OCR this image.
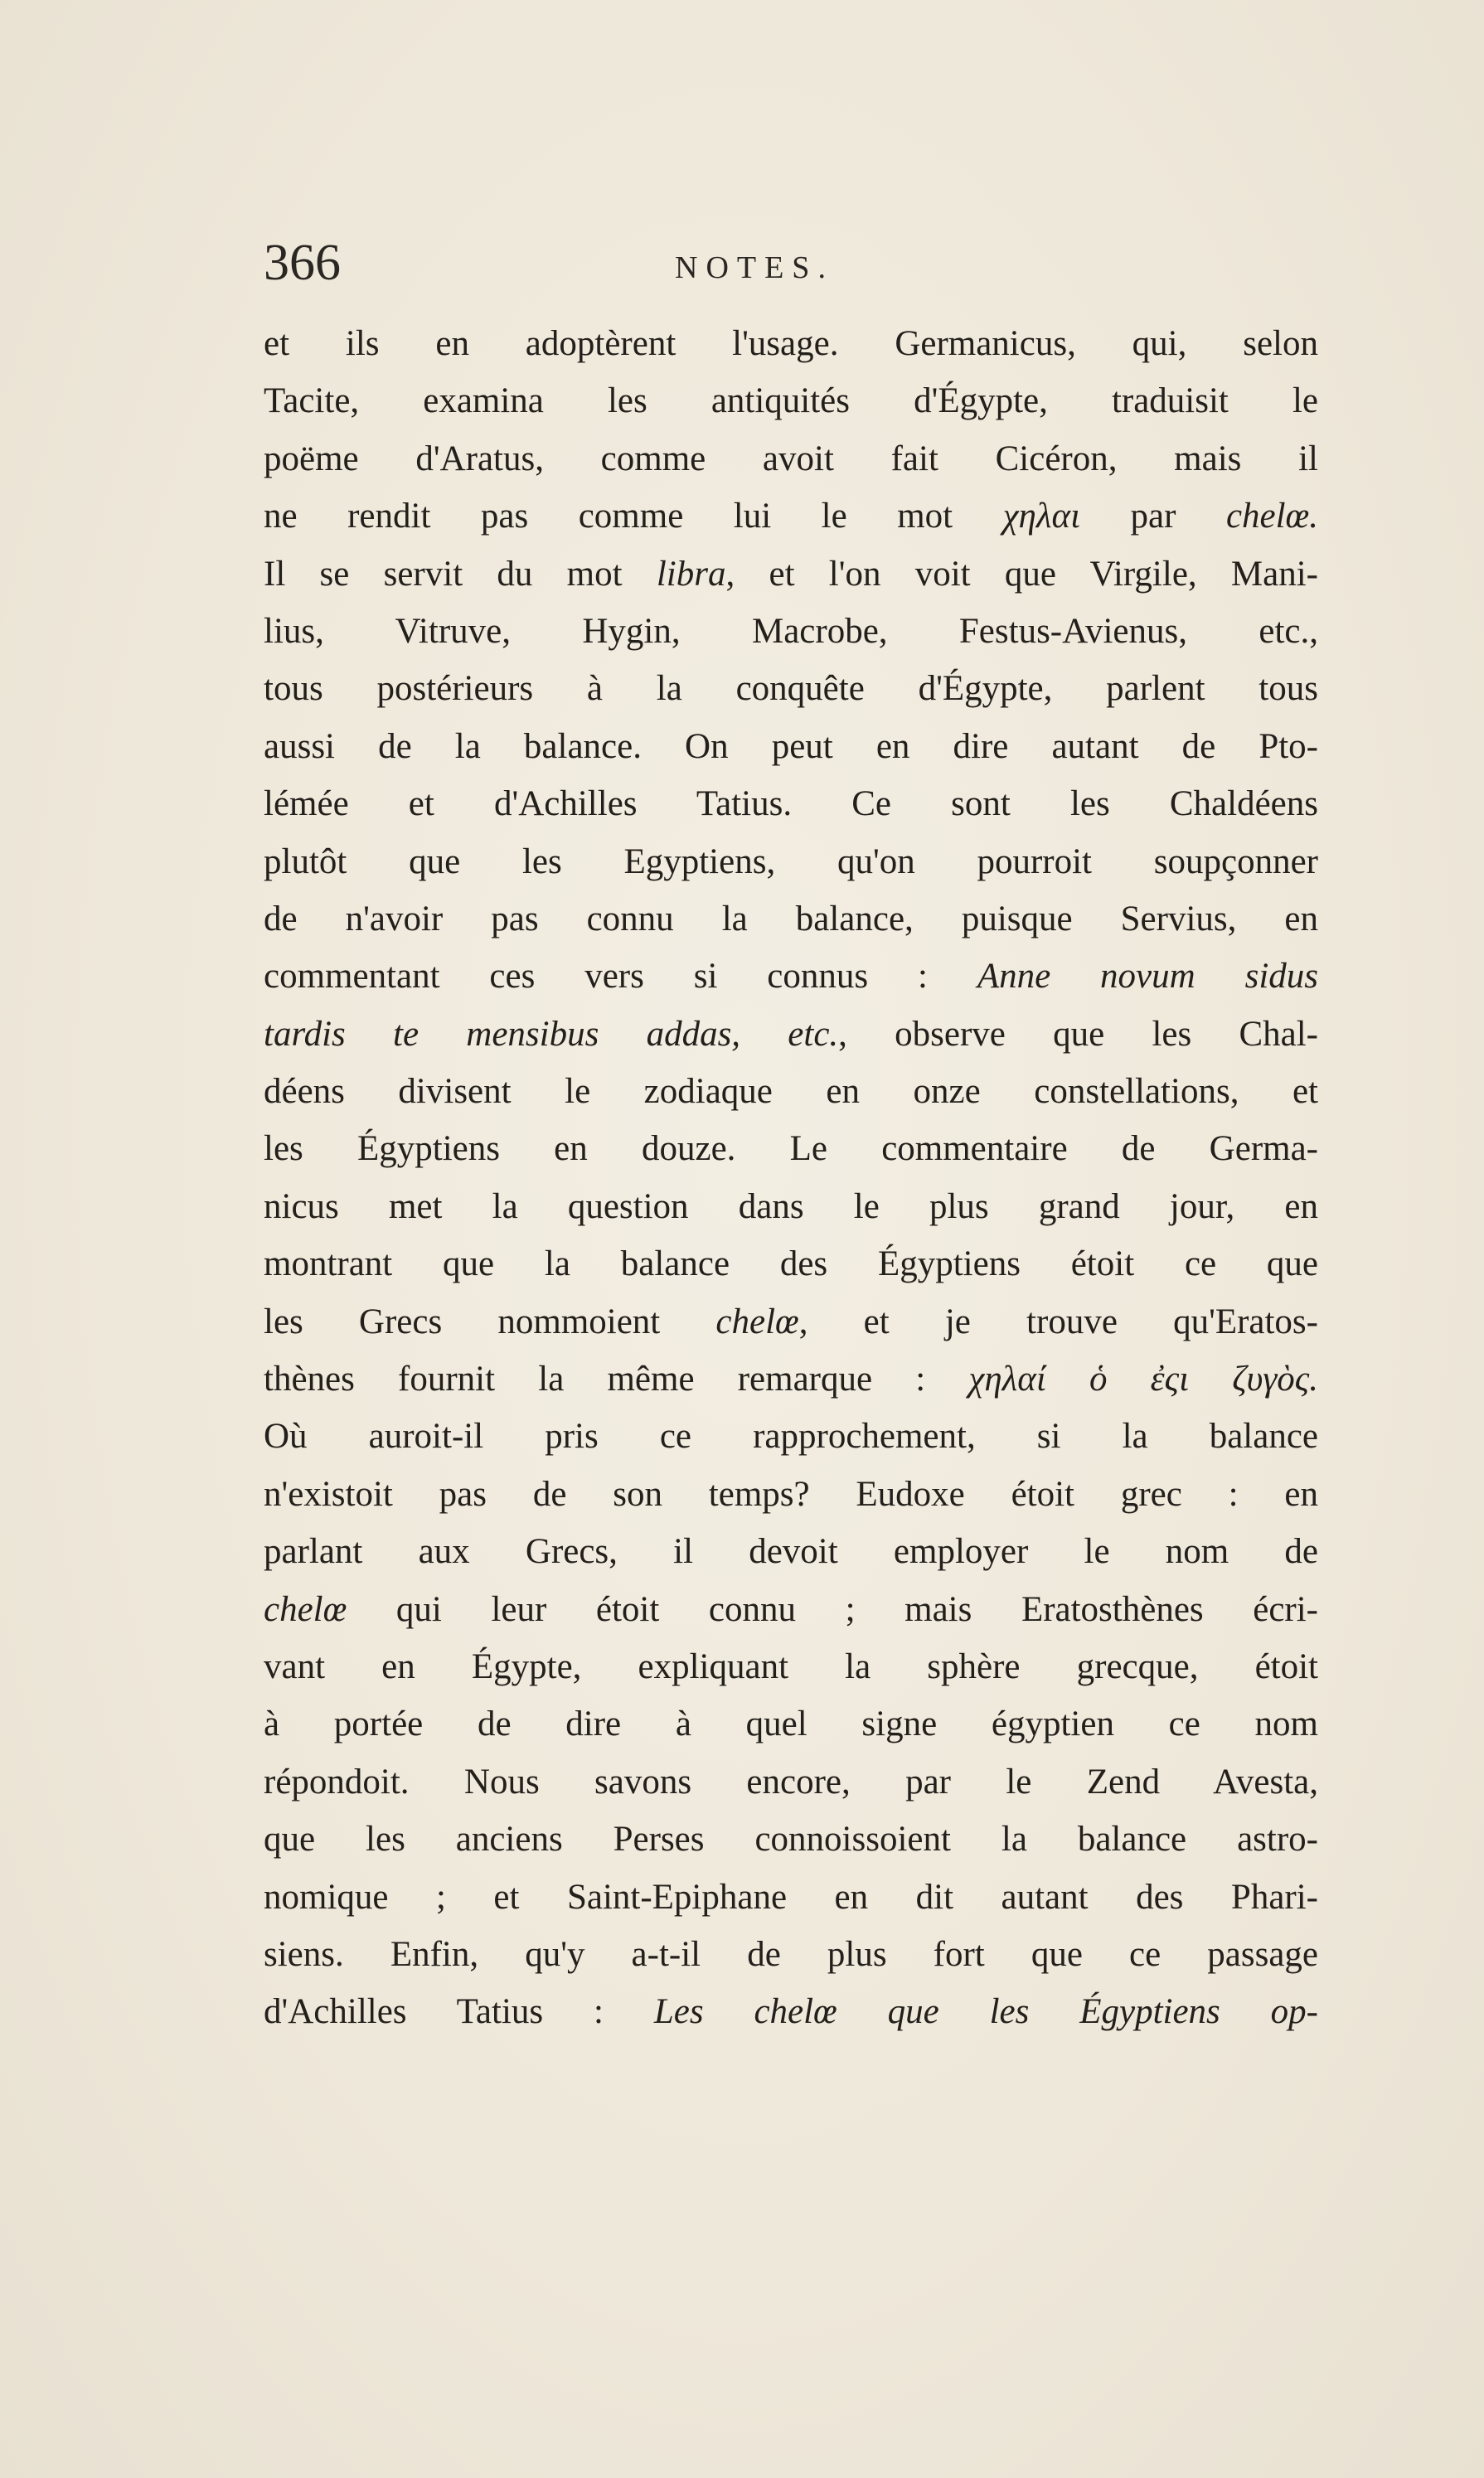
366	NOTES.
et ils en adoptèrent l'usage. Germanicus, qui, selon
Tacite, examina les antiquités d'Égypte, traduisit le
poëme d'Aratus, comme avoit fait Cicéron, mais il
ne rendit pas comme lui le mot χηλαι par chelœ.
Il se servit du mot libra, et l'on voit que Virgile, Mani-
lius, Vitruve, Hygin, Macrobe, Festus-Avienus, etc.,
tous postérieurs à la conquête d'Égypte, parlent tous
aussi de la balance. On peut en dire autant de Pto-
lémée et d'Achilles Tatius. Ce sont les Chaldéens
plutôt que les Egyptiens, qu'on pourroit soupçonner
de n'avoir pas connu la balance, puisque Servius, en
commentant ces vers si connus : Anne novum sidus
tardis te mensibus addas, etc., observe que les Chal-
déens divisent le zodiaque en onze constellations, et
les Égyptiens en douze. Le commentaire de Germa-
nicus met la question dans le plus grand jour, en
montrant que la balance des Égyptiens étoit ce que
les Grecs nommoient chelœ, et je trouve qu'Eratos-
thènes fournit la même remarque : χηλαί ὁ ἐςι ζυγὸς.
Où auroit-il pris ce rapprochement, si la balance
n'existoit pas de son temps? Eudoxe étoit grec : en
parlant aux Grecs, il devoit employer le nom de
chelœ qui leur étoit connu ; mais Eratosthènes écri-
vant en Égypte, expliquant la sphère grecque, étoit
à portée de dire à quel signe égyptien ce nom
répondoit. Nous savons encore, par le Zend Avesta,
que les anciens Perses connoissoient la balance astro-
nomique ; et Saint-Epiphane en dit autant des Phari-
siens. Enfin, qu'y a-t-il de plus fort que ce passage
d'Achilles Tatius : Les chelœ que les Égyptiens op-
